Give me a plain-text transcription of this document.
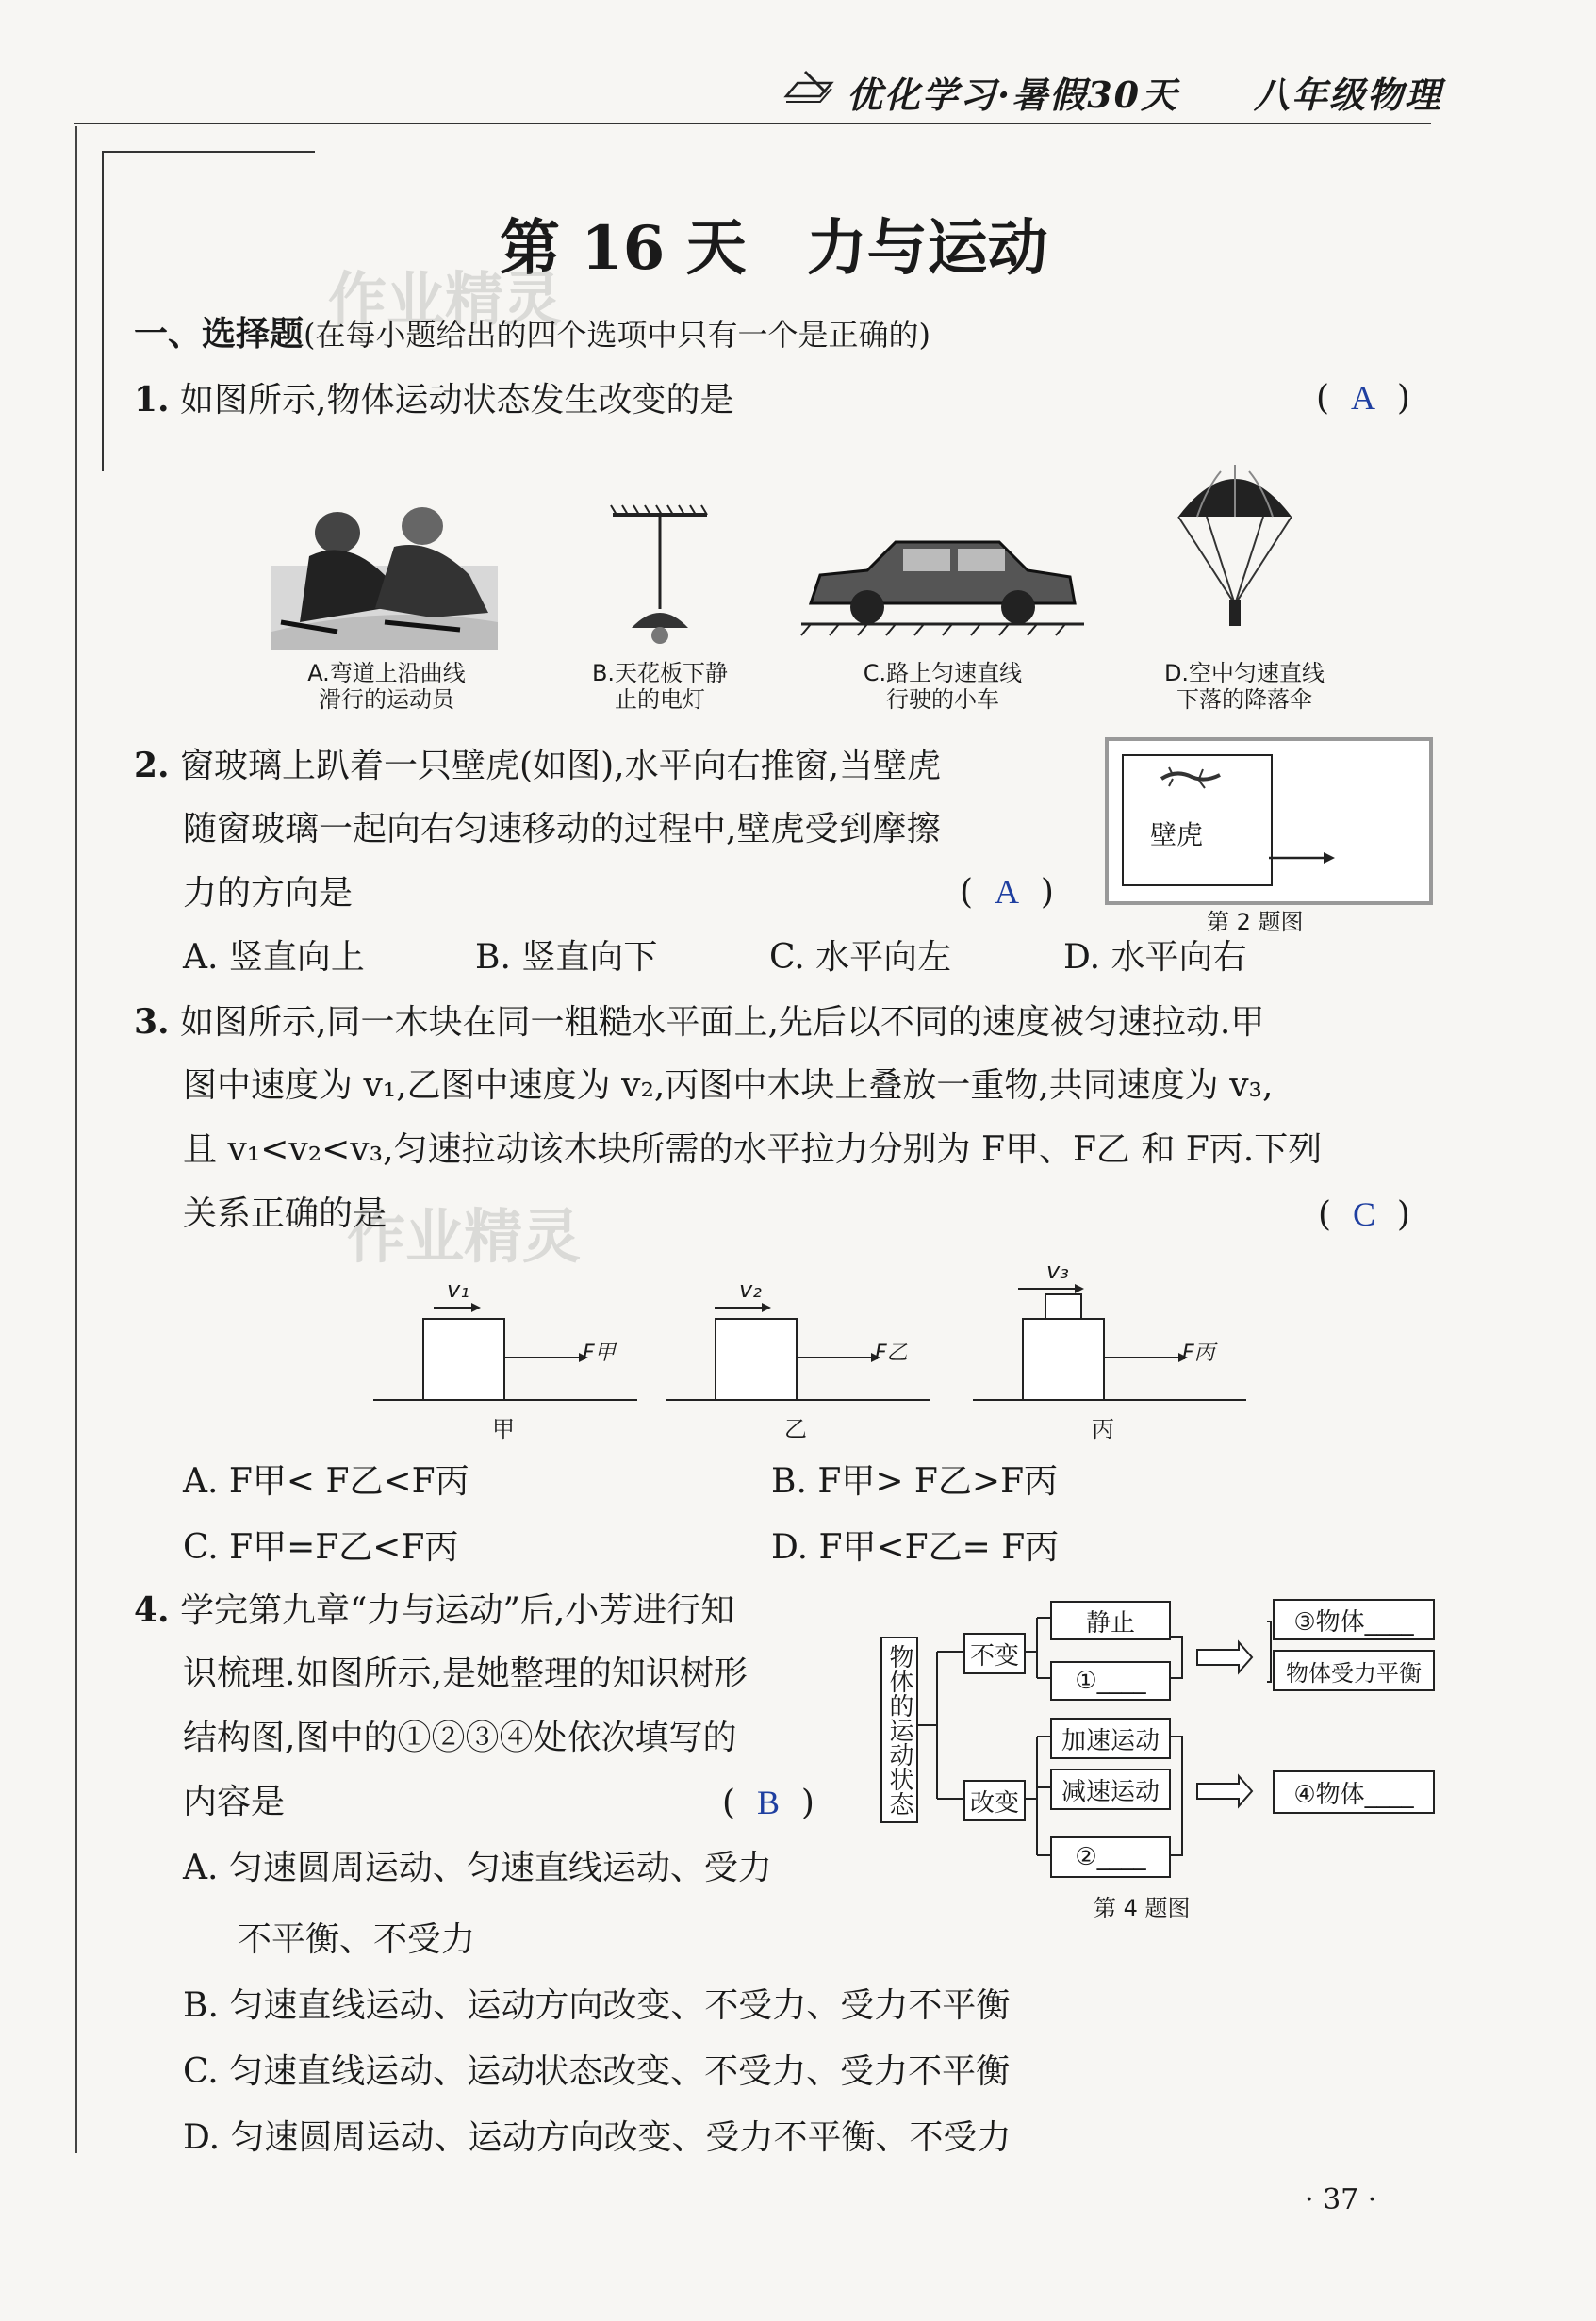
优化学习·暑假30天 八年级物理
第 16 天　力与运动
作业精灵
作业精灵
一、选择题(在每小题给出的四个选项中只有一个是正确的)
1. 如图所示,物体运动状态发生改变的是	(  A  )
A.弯道上沿曲线
滑行的运动员
B.天花板下静
止的电灯
C.路上匀速直线
行驶的小车
D.空中匀速直线
下落的降落伞
2. 窗玻璃上趴着一只壁虎(如图),水平向右推窗,当壁虎
随窗玻璃一起向右匀速移动的过程中,壁虎受到摩擦
力的方向是	(  A  )
壁虎
第 2 题图
A. 竖直向上	B. 竖直向下	C. 水平向左	D. 水平向右
3. 如图所示,同一木块在同一粗糙水平面上,先后以不同的速度被匀速拉动.甲
图中速度为 v₁,乙图中速度为 v₂,丙图中木块上叠放一重物,共同速度为 v₃,
且 v₁<v₂<v₃,匀速拉动该木块所需的水平拉力分别为 F甲、F乙 和 F丙.下列
关系正确的是	(  C  )
v₁
F甲
甲
v₂
F乙
乙
v₃
F丙
丙
A. F甲< F乙<F丙	B. F甲> F乙>F丙
C. F甲=F乙<F丙	D. F甲<F乙= F丙
4. 学完第九章“力与运动”后,小芳进行知
识梳理.如图所示,是她整理的知识树形
结构图,图中的①②③④处依次填写的
内容是	(  B  )	物体的运动状态 不变
改变
静止
①____
加速运动
减速运动
②____
③物体____
物体受力平衡
④物体____
第 4 题图
A. 匀速圆周运动、匀速直线运动、受力
不平衡、不受力
B. 匀速直线运动、运动方向改变、不受力、受力不平衡
C. 匀速直线运动、运动状态改变、不受力、受力不平衡
D. 匀速圆周运动、运动方向改变、受力不平衡、不受力
· 37 ·
